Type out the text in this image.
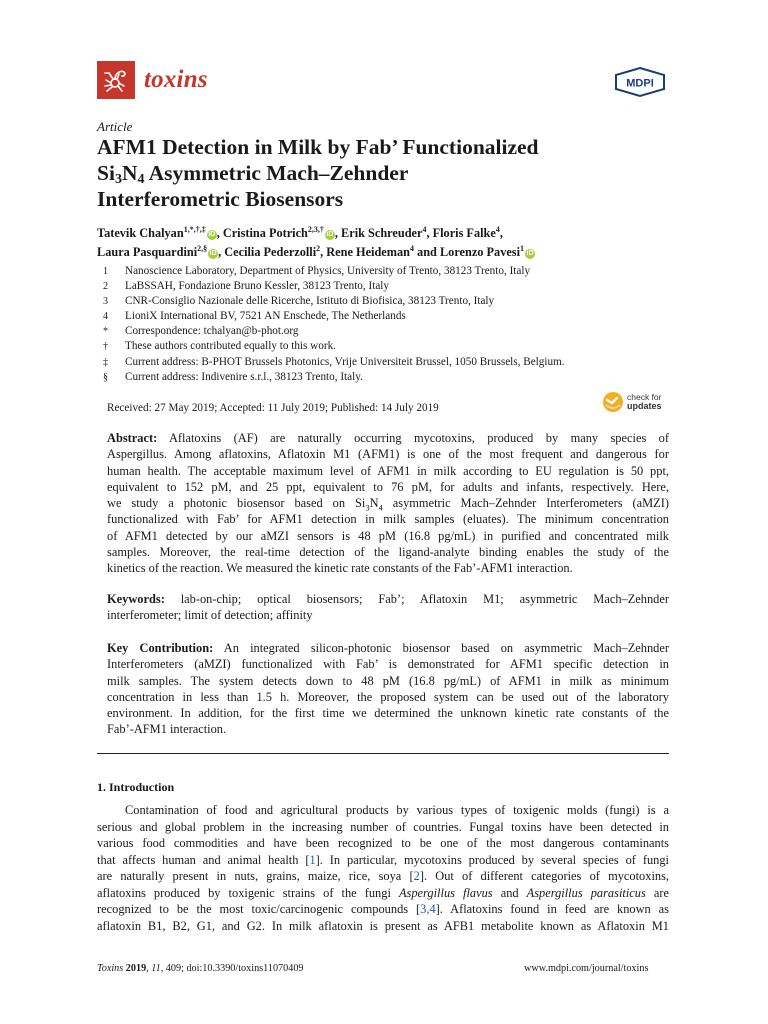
toxins	MDPI
Article
AFM1 Detection in Milk by Fab’ Functionalized
$Si_3N_4$ Asymmetric Mach–Zehnder
Interferometric Biosensors
Tatevik Chalyan$^{1,*,\dagger,\ddagger}$iD , Cristina Potrich$^{2,3,\dagger}$iD , Erik Schreuder$^4$, Floris Falke$^4$,
Laura Pasquardini$^{2,\S}$iD , Cecilia Pederzolli$^2$, Rene Heideman$^4$ and Lorenzo Pavesi$^1$iD
1	Nanoscience Laboratory, Department of Physics, University of Trento, 38123 Trento, Italy
2	LaBSSAH, Fondazione Bruno Kessler, 38123 Trento, Italy
3	CNR-Consiglio Nazionale delle Ricerche, Istituto di Biofisica, 38123 Trento, Italy
4	LioniX International BV, 7521 AN Enschede, The Netherlands
*	Correspondence: tchalyan@b-phot.org
†	These authors contributed equally to this work.
‡	Current address: B-PHOT Brussels Photonics, Vrije Universiteit Brussel, 1050 Brussels, Belgium.
§	Current address: Indivenire s.r.l., 38123 Trento, Italy.
Received: 27 May 2019; Accepted: 11 July 2019; Published: 14 July 2019
check for
updates
Abstract: Aflatoxins (AF) are naturally occurring mycotoxins, produced by many species of
Aspergillus. Among aflatoxins, Aflatoxin M1 (AFM1) is one of the most frequent and dangerous for
human health. The acceptable maximum level of AFM1 in milk according to EU regulation is 50 ppt,
equivalent to 152 pM, and 25 ppt, equivalent to 76 pM, for adults and infants, respectively. Here,
we study a photonic biosensor based on $Si_3N_4$ asymmetric Mach–Zehnder Interferometers (aMZI)
functionalized with Fab’ for AFM1 detection in milk samples (eluates). The minimum concentration
of AFM1 detected by our aMZI sensors is 48 pM (16.8 pg/mL) in purified and concentrated milk
samples. Moreover, the real-time detection of the ligand-analyte binding enables the study of the
kinetics of the reaction. We measured the kinetic rate constants of the Fab’-AFM1 interaction.
Keywords: lab-on-chip; optical biosensors; Fab’; Aflatoxin M1; asymmetric Mach–Zehnder
interferometer; limit of detection; affinity
Key Contribution: An integrated silicon-photonic biosensor based on asymmetric Mach–Zehnder
Interferometers (aMZI) functionalized with Fab’ is demonstrated for AFM1 specific detection in
milk samples. The system detects down to 48 pM (16.8 pg/mL) of AFM1 in milk as minimum
concentration in less than 1.5 h. Moreover, the proposed system can be used out of the laboratory
environment. In addition, for the first time we determined the unknown kinetic rate constants of the
Fab’-AFM1 interaction.
1. Introduction
Contamination of food and agricultural products by various types of toxigenic molds (fungi) is a
serious and global problem in the increasing number of countries. Fungal toxins have been detected in
various food commodities and have been recognized to be one of the most dangerous contaminants
that affects human and animal health [1]. In particular, mycotoxins produced by several species of fungi
are naturally present in nuts, grains, maize, rice, soya [2]. Out of different categories of mycotoxins,
aflatoxins produced by toxigenic strains of the fungi Aspergillus flavus and Aspergillus parasiticus are
recognized to be the most toxic/carcinogenic compounds [3,4]. Aflatoxins found in feed are known as
aflatoxin B1, B2, G1, and G2. In milk aflatoxin is present as AFB1 metabolite known as Aflatoxin M1
Toxins 2019, 11, 409; doi:10.3390/toxins11070409	www.mdpi.com/journal/toxins
